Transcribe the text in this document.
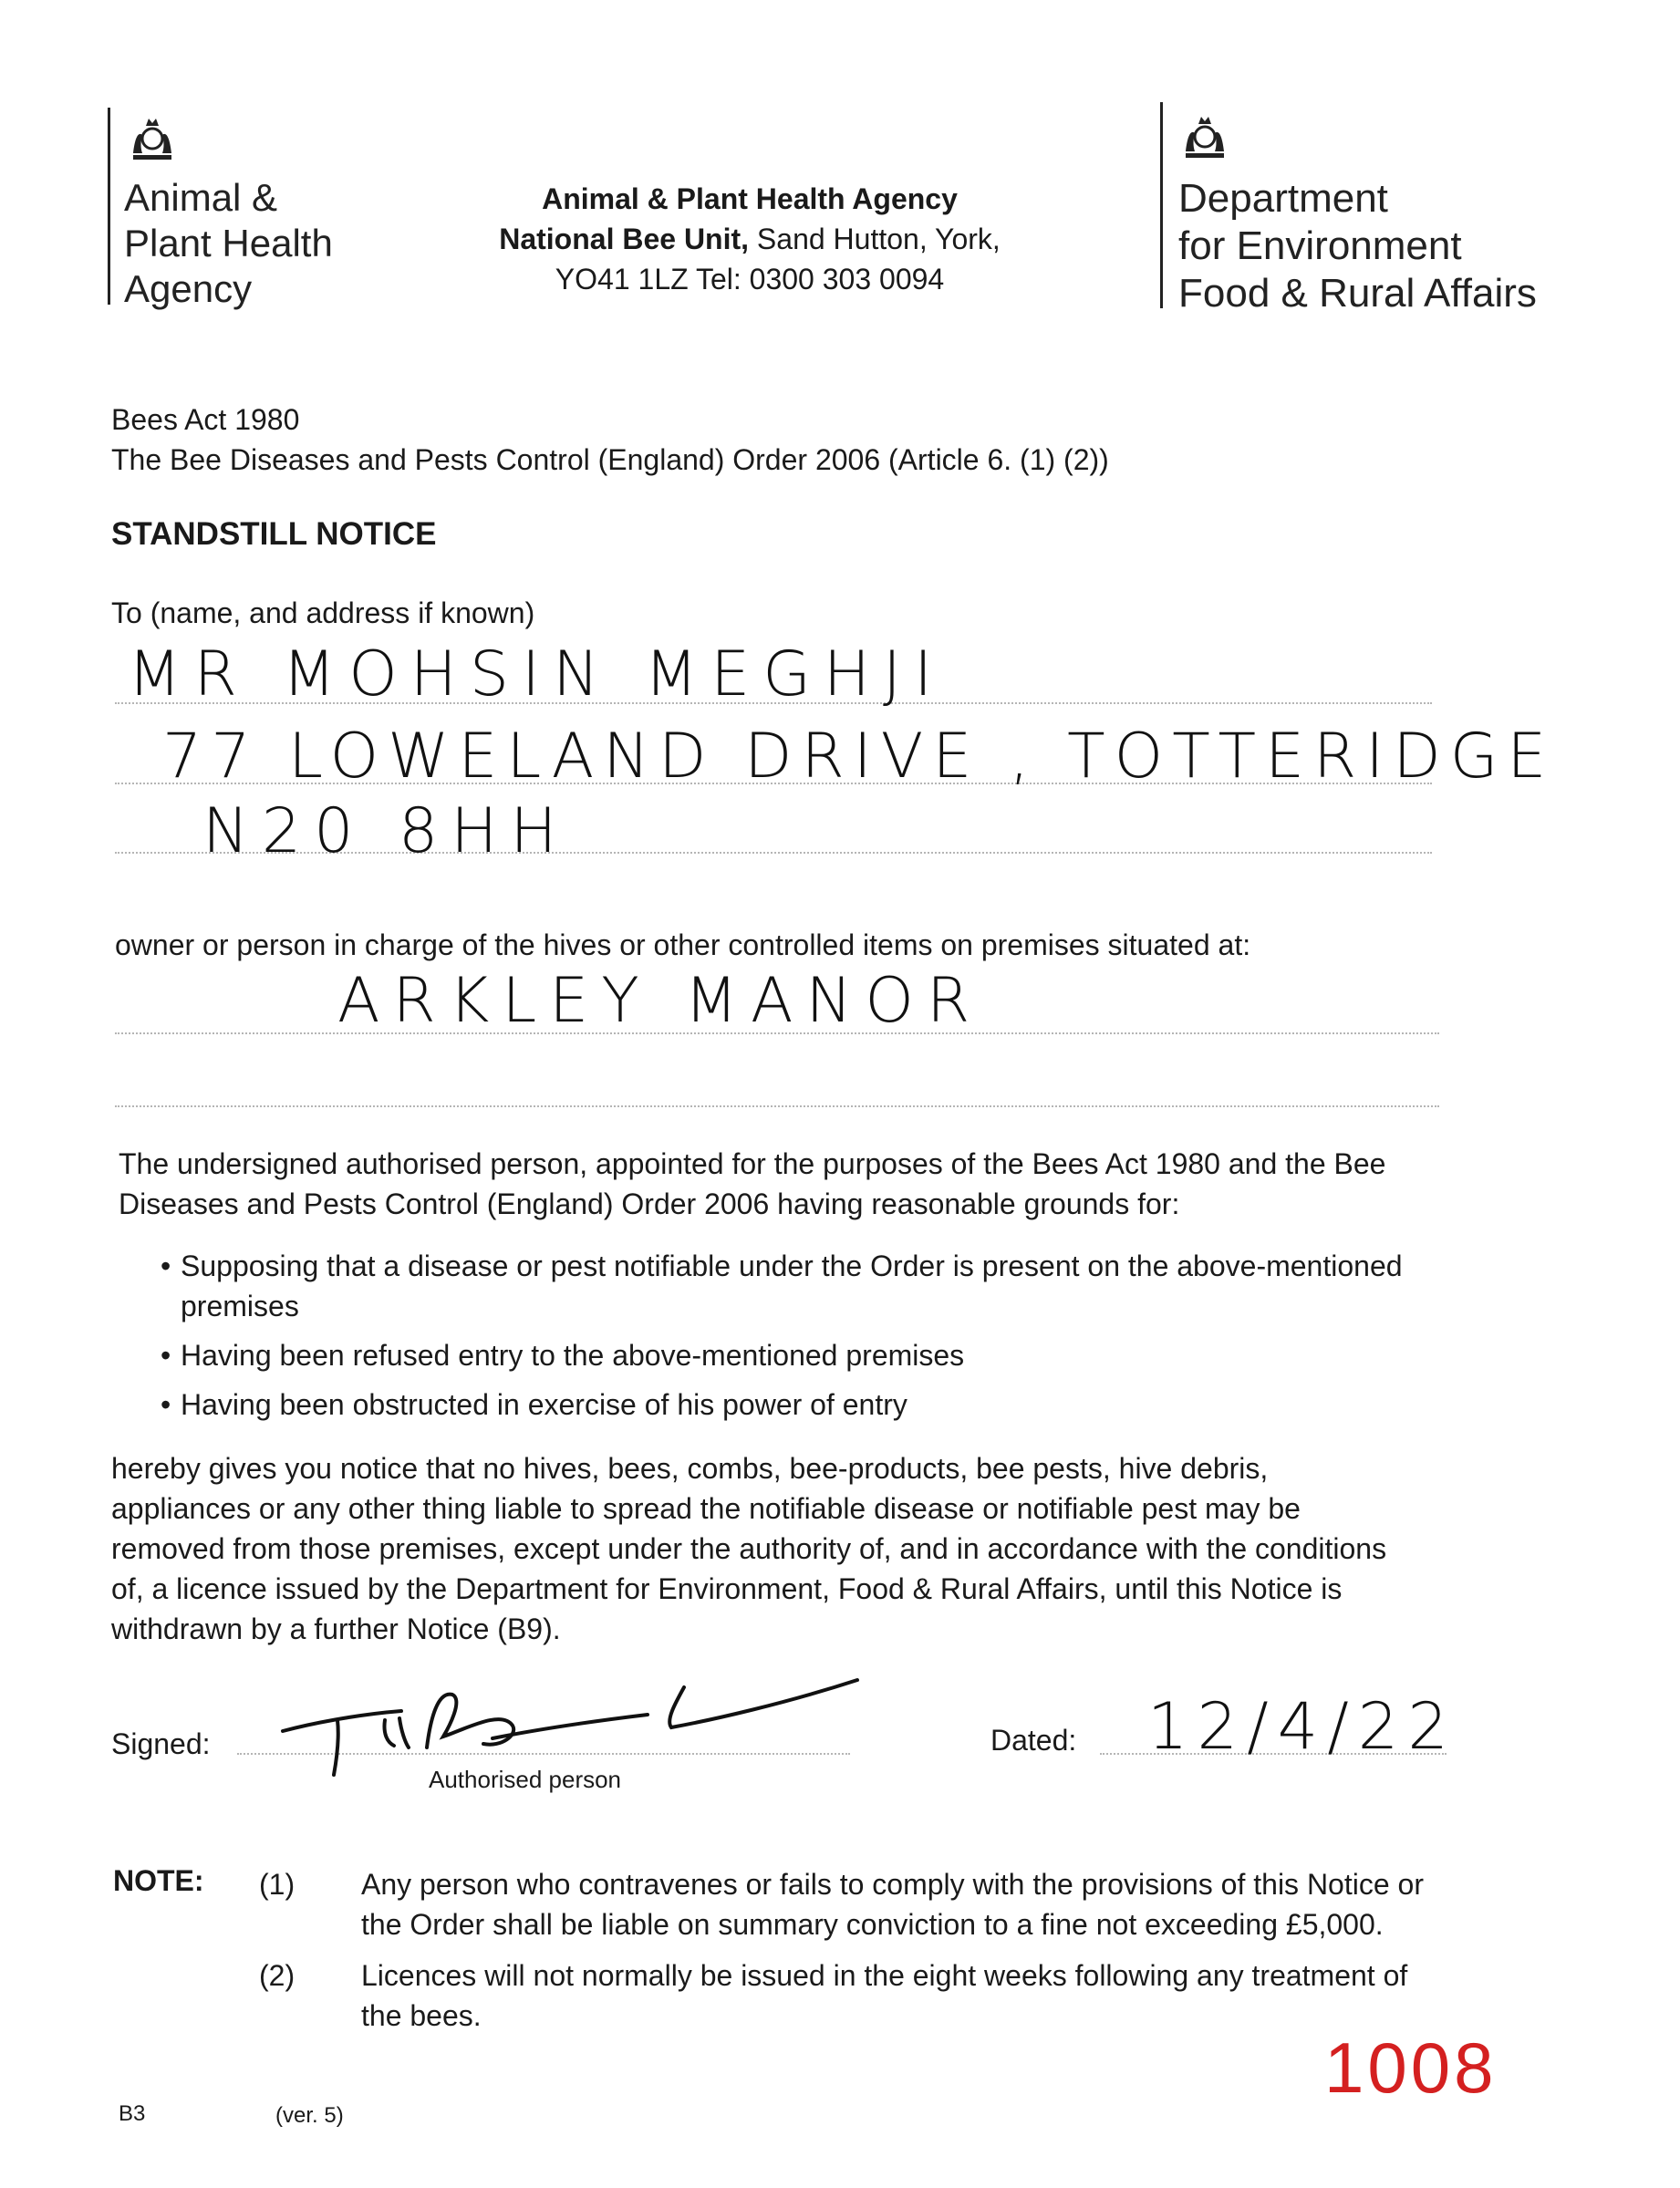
Animal &
Plant Health
Agency
Animal & Plant Health Agency
National Bee Unit, Sand Hutton, York,
YO41 1LZ Tel: 0300 303 0094
Department
for Environment
Food & Rural Affairs
Bees Act 1980
The Bee Diseases and Pests Control (England) Order 2006 (Article 6. (1) (2))
STANDSTILL NOTICE
To (name, and address if known)
MR MOHSIN MEGHJI
77 LOWELAND DRIVE , TOTTERIDGE
N20 8HH
owner or person in charge of the hives or other controlled items on premises situated at:
ARKLEY MANOR
The undersigned authorised person, appointed for the purposes of the Bees Act 1980 and the Bee
Diseases and Pests Control (England) Order 2006 having reasonable grounds for:
• Supposing that a disease or pest notifiable under the Order is present on the above-mentioned
premises
• Having been refused entry to the above-mentioned premises
• Having been obstructed in exercise of his power of entry
hereby gives you notice that no hives, bees, combs, bee-products, bee pests, hive debris,
appliances or any other thing liable to spread the notifiable disease or notifiable pest may be
removed from those premises, except under the authority of, and in accordance with the conditions
of, a licence issued by the Department for Environment, Food & Rural Affairs, until this Notice is
withdrawn by a further Notice (B9).
Signed:
Authorised person
Dated: 12/4/22
NOTE: (1) Any person who contravenes or fails to comply with the provisions of this Notice or
the Order shall be liable on summary conviction to a fine not exceeding £5,000.
(2) Licences will not normally be issued in the eight weeks following any treatment of
the bees.
1008
B3	(ver. 5)
